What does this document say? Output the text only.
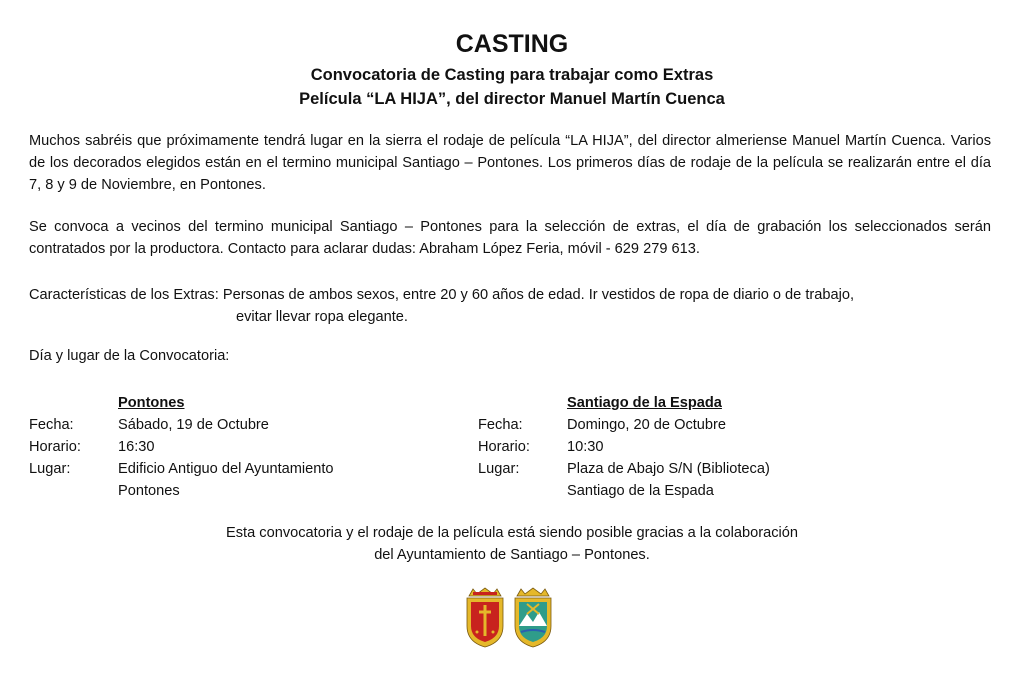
CASTING
Convocatoria de Casting para trabajar como Extras
Película “LA HIJA”, del director Manuel Martín Cuenca
Muchos sabréis que próximamente tendrá lugar en la sierra el rodaje de película “LA HIJA”, del director almeriense Manuel Martín Cuenca. Varios de los decorados elegidos están en el termino municipal Santiago – Pontones. Los primeros días de rodaje de la película se realizarán entre el día 7, 8 y 9 de Noviembre, en Pontones.
Se convoca a vecinos del termino municipal Santiago – Pontones para la selección de extras, el día de grabación los seleccionados serán contratados por la productora. Contacto para aclarar dudas: Abraham López Feria, móvil - 629 279 613.
Características de los Extras: Personas de ambos sexos, entre 20 y 60 años de edad. Ir vestidos de ropa de diario o de trabajo,
evitar llevar ropa elegante.
Día y lugar de la Convocatoria:
Pontones
Fecha:	Sábado, 19 de Octubre
Horario:	16:30
Lugar:	Edificio Antiguo del Ayuntamiento
Pontones
Santiago de la Espada
Fecha:	Domingo, 20 de Octubre
Horario:	10:30
Lugar:	Plaza de Abajo S/N (Biblioteca)
Santiago de la Espada
Esta convocatoria y el rodaje de la película está siendo posible gracias a la colaboración
del Ayuntamiento de Santiago – Pontones.
